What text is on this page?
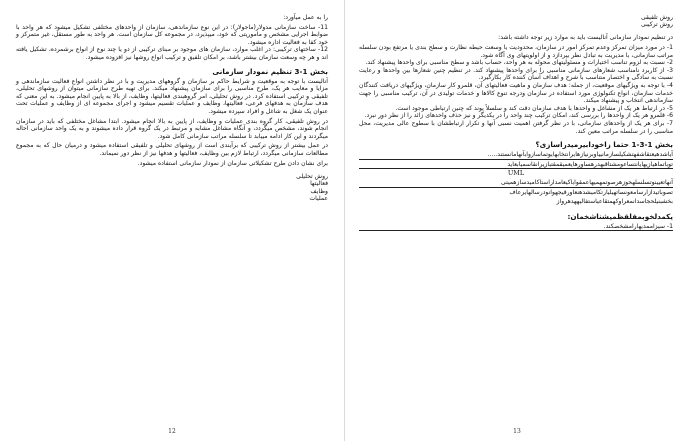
را به عمل میآورد:

11- ساخت سازمانی مدولار(ماجولار): در این نوع سازماندهی، سازمان از واحدهای مختلفی تشکیل میشود که هر واحد با ضوابط اجرایی مشخص و ماموریتی که خود، میپذیرد، در مجموعه کل سازمان است. هر واحد به طور مستقل، غیر متمرکز و خود کفا به فعالیت اداره میشود.

12- ساختهای ترکیبی: در اغلب موارد، سازمان های موجود بر مبنای ترکیبی از دو یا چند نوع از انواع برشمرده، تشکیل یافته اند و هر چه وسعت سازمان بیشتر باشد، بر امکان تلفیق و ترکیب انواع روشها نیز افزوده میشود.

بخش 1-3 تنظیم نمودار سازمانی

آنالیست با توجه به موقعیت و شرایط حاکم بر سازمان و گروههای مدیریت و با در نظر داشتن انواع فعالیت سازماندهی و مزایا و معایب هر یک، طرح مناسبی را برای سازمان پیشنهاد میکند. برای تهیه طرح سازمانی میتوان از روشهای تحلیلی، تلفیقی و ترکیبی استفاده کرد. در روش تحلیلی، امر گروهبندی فعالیتها، وظایف، از بالا به پایین انجام میشود. به این معنی که هدف سازمان به هدفهای فرعی، فعالیتها، وظایف و عملیات تقسیم میشود و اجرای مجموعه ای از وظایف و عملیات تحت عنوان یک شغل به شاغل و افراد سپرده میشود.

در روش تلفیقی، کار گروه بندی عملیات و وظایف، از پایین به بالا انجام میشود. ابتدا مشاغل مختلفی که باید در سازمان انجام شوند، مشخص میگردد، و آنگاه مشاغل مشابه و مرتبط در یک گروه قرار داده میشوند و به یک واحد سازمانی احاله میگردند و این کار ادامه مییابد تا سلسله مراتب سازمانی کامل شود.

در عمل بیشتر از روش ترکیبی که برآیندی است از روشهای تحلیلی و تلفیقی استفاده میشود و درمیان حال که به مجموع مطالعات سازمانی میگردد، ارتباط لازم بین وظایف، فعالیتها و هدفها نیز از نظر دور نمیماند.

برای نشان دادن طرح تشکیلاتی سازمان از نمودار سازمانی استفاده میشود.

روش تحلیلی

فعالیتها

وظایف

عملیات

12

روش تلفیقی

روش ترکیبی

در تنظیم نمودار سازمانی آنالیست باید به موارد زیر توجه داشته باشد:

1- در مورد میزان تمرکز وعدم تمرکز امور در سازمان، محدودیت یا وسعت حیطه نظارت و سطح بندی یا مرتفع بودن سلسله مراتب سازمانی، با مدیریت به تبادل نظر بپردازد و از اولویتهای وی آگاه شود.

2- نسبت به لزوم تناسب اختیارات و مسئولیتهای محوله به هر واحد، حساب باشد و سطح مناسبی برای واحدها پیشنهاد کند.

3- از کاربرد نامناسب شعارهای سازمانی مناسبی را برای واحدها پیشنهاد کند. در تنظیم چنین شعارها بین واحدها و رعایت نسبت به سادگی و اختصار متناسب با شرح و اهداف آسان کننده کار بکارگیرد.

4- با توجه به ویژگیهای موقعیت، از جمله: هدف سازمان و ماهیت فعالیتهای آن، قلمرو کار سازمان، ویژگیهای دریافت کنندگان خدمات سازمان، انواع تکنولوژی مورد استفاده در سازمان ودرجه تنوع کالاها و خدمات تولیدی در آن، ترکیب مناسبی را جهت سازماندهی انتخاب و پیشنهاد میکند.

5- در ارتباط هر یک از مشاغل و واحدها با هدف سازمان دقت کند و سلسلاً یوند که چنین ارتباطی موجود است.

6- قلمرو هر یک از واحدها را بررسی کند، امکان ترکیب چند واحد را در یکدیگر و نیز حذف واحدهای زائد را از نظر دور نبرد.

7- برای هر یک از واحدهای سازمانی، با در نظر گرفتن اهمیت نسبی آنها و تکرار ارتباطشان با سطوح عالی مدیریت، محل مناسبی را در سلسله مراتب معین کند.

بخش 1-3-1 حتما زاخودابیرمیدراسازی؟

آیاشدهیعتقاشفهتشکیلسازمانییاوبرنیازهابرانتخابهایوتماسازوابآنهامانستند.....

توباتماهیازیهایانتساعومشتاقبهدرهساورهایعمیقمقتبازیرانقاسمیابعاید

UML

آنهاتعیینوتسلسلهحوزهرصوتمهمیهاعمقواباکیعامداراستاکامیدسازهمیتی

تصوباتیدازارسامعونساتهیلیارتکامیشدهنعاورقیجهوانودرسالهایرعاف

بخشبنیلحجاسدانمعراوکهمتقاعیاستفالیههدهرواز

یکمدلخوبمفلقظمیشناشخمان:

1- سیزاممدیهارامشخصکند.

13
